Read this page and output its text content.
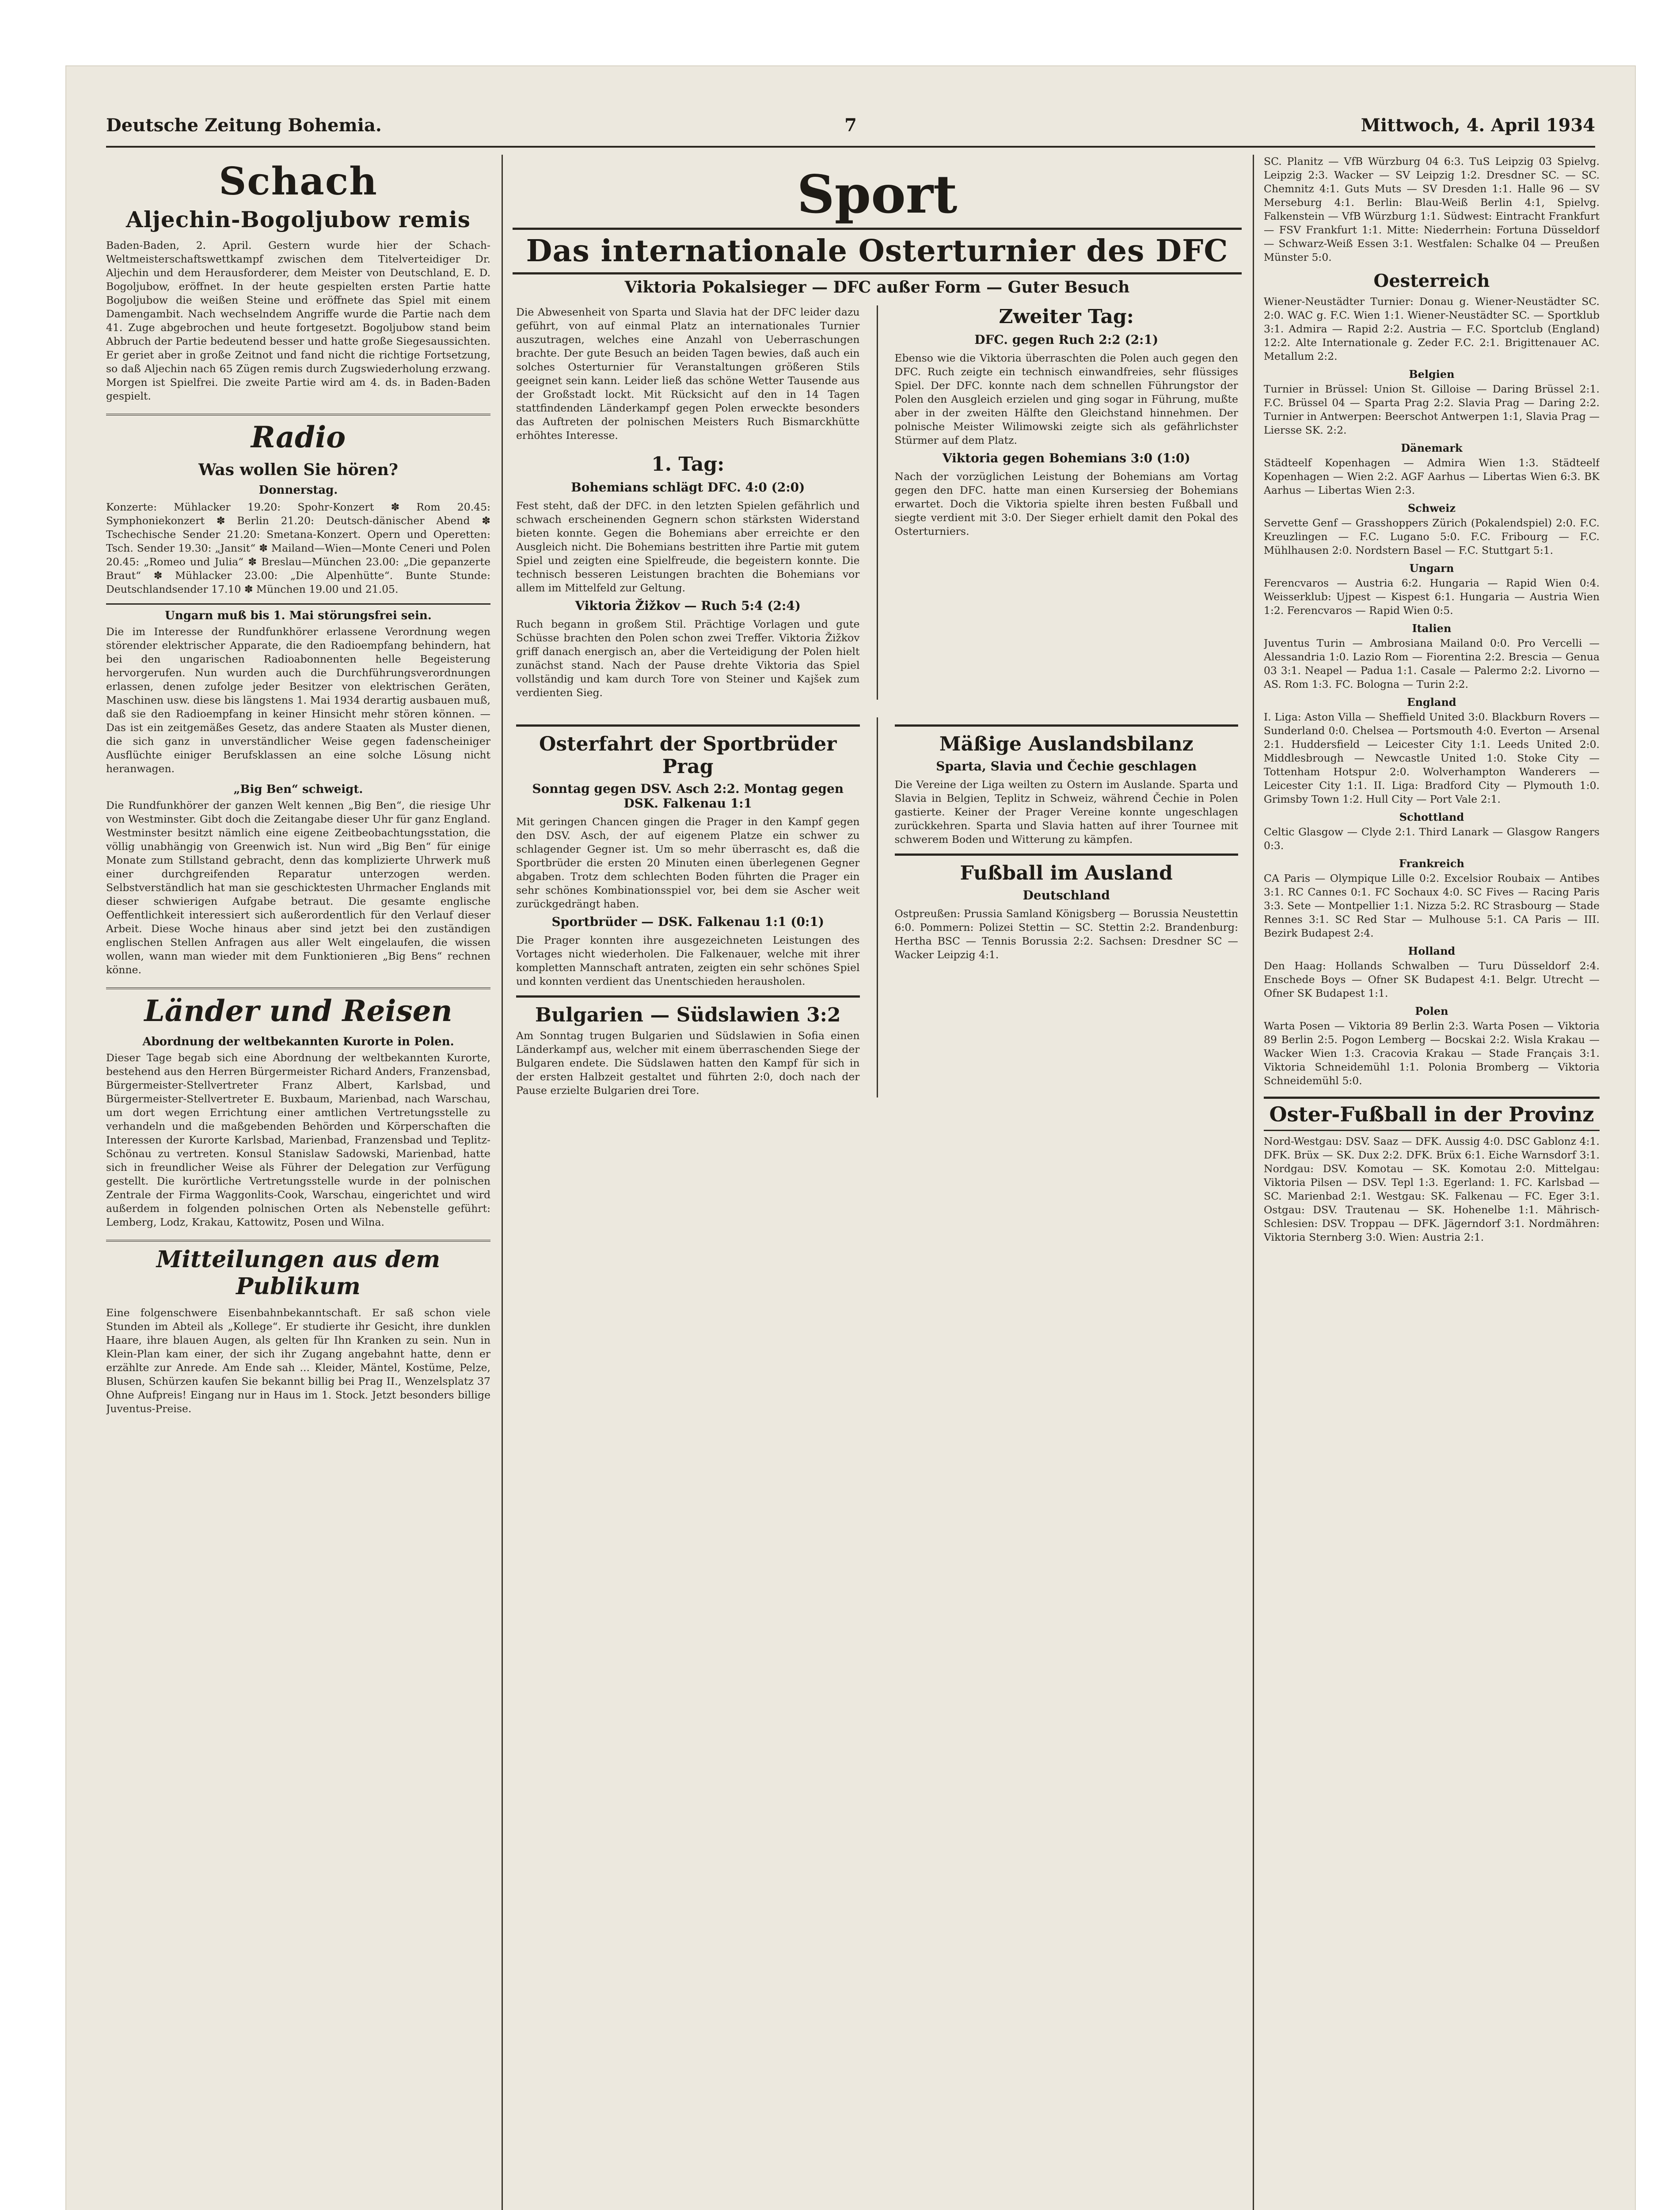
Deutsche Zeitung Bohemia.	7	Mittwoch, 4. April 1934
Schach
Aljechin-Bogoljubow remis

Baden-Baden, 2. April. Gestern wurde hier der Schach-Weltmeisterschaftswettkampf zwischen dem Titelverteidiger Dr. Aljechin und dem Herausforderer, dem Meister von Deutschland, E. D. Bogoljubow, eröffnet. In der heute gespielten ersten Partie hatte Bogoljubow die weißen Steine und eröffnete das Spiel mit einem Damengambit. Nach wechselndem Angriffe wurde die Partie nach dem 41. Zuge abgebrochen und heute fortgesetzt. Bogoljubow stand beim Abbruch der Partie bedeutend besser und hatte große Siegesaussichten. Er geriet aber in große Zeitnot und fand nicht die richtige Fortsetzung, so daß Aljechin nach 65 Zügen remis durch Zugswiederholung erzwang. Morgen ist Spielfrei. Die zweite Partie wird am 4. ds. in Baden-Baden gespielt.

Radio
Was wollen Sie hören?
Donnerstag.

Konzerte: Mühlacker 19.20: Spohr-Konzert ✽ Rom 20.45: Symphoniekonzert ✽ Berlin 21.20: Deutsch-dänischer Abend ✽ Tschechische Sender 21.20: Smetana-Konzert. Opern und Operetten: Tsch. Sender 19.30: „Jansit“ ✽ Mailand—Wien—Monte Ceneri und Polen 20.45: „Romeo und Julia“ ✽ Breslau—München 23.00: „Die gepanzerte Braut“ ✽ Mühlacker 23.00: „Die Alpenhütte“. Bunte Stunde: Deutschlandsender 17.10 ✽ München 19.00 und 21.05.

Ungarn muß bis 1. Mai störungsfrei sein.

Die im Interesse der Rundfunkhörer erlassene Verordnung wegen störender elektrischer Apparate, die den Radioempfang behindern, hat bei den ungarischen Radioabonnenten helle Begeisterung hervorgerufen. Nun wurden auch die Durchführungsverordnungen erlassen, denen zufolge jeder Besitzer von elektrischen Geräten, Maschinen usw. diese bis längstens 1. Mai 1934 derartig ausbauen muß, daß sie den Radioempfang in keiner Hinsicht mehr stören können. — Das ist ein zeitgemäßes Gesetz, das andere Staaten als Muster dienen, die sich ganz in unverständlicher Weise gegen fadenscheiniger Ausflüchte einiger Berufsklassen an eine solche Lösung nicht heranwagen.

„Big Ben“ schweigt.

Die Rundfunkhörer der ganzen Welt kennen „Big Ben“, die riesige Uhr von Westminster. Gibt doch die Zeitangabe dieser Uhr für ganz England. Westminster besitzt nämlich eine eigene Zeitbeobachtungsstation, die völlig unabhängig von Greenwich ist. Nun wird „Big Ben“ für einige Monate zum Stillstand gebracht, denn das komplizierte Uhrwerk muß einer durchgreifenden Reparatur unterzogen werden. Selbstverständlich hat man sie geschicktesten Uhrmacher Englands mit dieser schwierigen Aufgabe betraut. Die gesamte englische Oeffentlichkeit interessiert sich außerordentlich für den Verlauf dieser Arbeit. Diese Woche hinaus aber sind jetzt bei den zuständigen englischen Stellen Anfragen aus aller Welt eingelaufen, die wissen wollen, wann man wieder mit dem Funktionieren „Big Bens“ rechnen könne.

Länder und Reisen
Abordnung der weltbekannten Kurorte in Polen.

Dieser Tage begab sich eine Abordnung der weltbekannten Kurorte, bestehend aus den Herren Bürgermeister Richard Anders, Franzensbad, Bürgermeister-Stellvertreter Franz Albert, Karlsbad, und Bürgermeister-Stellvertreter E. Buxbaum, Marienbad, nach Warschau, um dort wegen Errichtung einer amtlichen Vertretungsstelle zu verhandeln und die maßgebenden Behörden und Körperschaften die Interessen der Kurorte Karlsbad, Marienbad, Franzensbad und Teplitz-Schönau zu vertreten. Konsul Stanislaw Sadowski, Marienbad, hatte sich in freundlicher Weise als Führer der Delegation zur Verfügung gestellt. Die kurörtliche Vertretungsstelle wurde in der polnischen Zentrale der Firma Waggonlits-Cook, Warschau, eingerichtet und wird außerdem in folgenden polnischen Orten als Nebenstelle geführt: Lemberg, Lodz, Krakau, Kattowitz, Posen und Wilna.

Mitteilungen aus dem Publikum

Eine folgenschwere Eisenbahnbekanntschaft. Er saß schon viele Stunden im Abteil als „Kollege“. Er studierte ihr Gesicht, ihre dunklen Haare, ihre blauen Augen, als gelten für Ihn Kranken zu sein. Nun in Klein-Plan kam einer, der sich ihr Zugang angebahnt hatte, denn er erzählte zur Anrede. Am Ende sah ... Kleider, Mäntel, Kostüme, Pelze, Blusen, Schürzen kaufen Sie bekannt billig bei Prag II., Wenzelsplatz 37 Ohne Aufpreis! Eingang nur in Haus im 1. Stock. Jetzt besonders billige Juventus-Preise.

Sport
Das internationale Osterturnier des DFC
Viktoria Pokalsieger — DFC außer Form — Guter Besuch

Die Abwesenheit von Sparta und Slavia hat der DFC leider dazu geführt, von auf einmal Platz an internationales Turnier auszutragen, welches eine Anzahl von Ueberraschungen brachte. Der gute Besuch an beiden Tagen bewies, daß auch ein solches Osterturnier für Veranstaltungen größeren Stils geeignet sein kann. Leider ließ das schöne Wetter Tausende aus der Großstadt lockt. Mit Rücksicht auf den in 14 Tagen stattfindenden Länderkampf gegen Polen erweckte besonders das Auftreten der polnischen Meisters Ruch Bismarckhütte erhöhtes Interesse.

1. Tag:
Bohemians schlägt DFC. 4:0 (2:0)

Fest steht, daß der DFC. in den letzten Spielen gefährlich und schwach erscheinenden Gegnern schon stärksten Widerstand bieten konnte. Gegen die Bohemians aber erreichte er den Ausgleich nicht. Die Bohemians bestritten ihre Partie mit gutem Spiel und zeigten eine Spielfreude, die begeistern konnte. Die technisch besseren Leistungen brachten die Bohemians vor allem im Mittelfeld zur Geltung.

Viktoria Žižkov — Ruch 5:4 (2:4)

Ruch begann in großem Stil. Prächtige Vorlagen und gute Schüsse brachten den Polen schon zwei Treffer. Viktoria Žižkov griff danach energisch an, aber die Verteidigung der Polen hielt zunächst stand. Nach der Pause drehte Viktoria das Spiel vollständig und kam durch Tore von Steiner und Kajšek zum verdienten Sieg.

Zweiter Tag:
DFC. gegen Ruch 2:2 (2:1)

Ebenso wie die Viktoria überraschten die Polen auch gegen den DFC. Ruch zeigte ein technisch einwandfreies, sehr flüssiges Spiel. Der DFC. konnte nach dem schnellen Führungstor der Polen den Ausgleich erzielen und ging sogar in Führung, mußte aber in der zweiten Hälfte den Gleichstand hinnehmen. Der polnische Meister Wilimowski zeigte sich als gefährlichster Stürmer auf dem Platz.

Viktoria gegen Bohemians 3:0 (1:0)

Nach der vorzüglichen Leistung der Bohemians am Vortag gegen den DFC. hatte man einen Kursersieg der Bohemians erwartet. Doch die Viktoria spielte ihren besten Fußball und siegte verdient mit 3:0. Der Sieger erhielt damit den Pokal des Osterturniers.

Osterfahrt der Sportbrüder Prag
Sonntag gegen DSV. Asch 2:2. Montag gegen DSK. Falkenau 1:1

Mit geringen Chancen gingen die Prager in den Kampf gegen den DSV. Asch, der auf eigenem Platze ein schwer zu schlagender Gegner ist. Um so mehr überrascht es, daß die Sportbrüder die ersten 20 Minuten einen überlegenen Gegner abgaben. Trotz dem schlechten Boden führten die Prager ein sehr schönes Kombinationsspiel vor, bei dem sie Ascher weit zurückgedrängt haben.

Sportbrüder — DSK. Falkenau 1:1 (0:1)

Die Prager konnten ihre ausgezeichneten Leistungen des Vortages nicht wiederholen. Die Falkenauer, welche mit ihrer kompletten Mannschaft antraten, zeigten ein sehr schönes Spiel und konnten verdient das Unentschieden herausholen.

Bulgarien — Südslawien 3:2

Am Sonntag trugen Bulgarien und Südslawien in Sofia einen Länderkampf aus, welcher mit einem überraschenden Siege der Bulgaren endete. Die Südslawen hatten den Kampf für sich in der ersten Halbzeit gestaltet und führten 2:0, doch nach der Pause erzielte Bulgarien drei Tore.

Mäßige Auslandsbilanz
Sparta, Slavia und Čechie geschlagen

Die Vereine der Liga weilten zu Ostern im Auslande. Sparta und Slavia in Belgien, Teplitz in Schweiz, während Čechie in Polen gastierte. Keiner der Prager Vereine konnte ungeschlagen zurückkehren. Sparta und Slavia hatten auf ihrer Tournee mit schwerem Boden und Witterung zu kämpfen.

Fußball im Ausland
Deutschland

Ostpreußen: Prussia Samland Königsberg — Borussia Neustettin 6:0. Pommern: Polizei Stettin — SC. Stettin 2:2. Brandenburg: Hertha BSC — Tennis Borussia 2:2. Sachsen: Dresdner SC — Wacker Leipzig 4:1.

SC. Planitz — VfB Würzburg 04 6:3. TuS Leipzig 03 Spielvg. Leipzig 2:3. Wacker — SV Leipzig 1:2. Dresdner SC. — SC. Chemnitz 4:1. Guts Muts — SV Dresden 1:1. Halle 96 — SV Merseburg 4:1. Berlin: Blau-Weiß Berlin 4:1, Spielvg. Falkenstein — VfB Würzburg 1:1. Südwest: Eintracht Frankfurt — FSV Frankfurt 1:1. Mitte: Niederrhein: Fortuna Düsseldorf — Schwarz-Weiß Essen 3:1. Westfalen: Schalke 04 — Preußen Münster 5:0.

Oesterreich

Wiener-Neustädter Turnier: Donau g. Wiener-Neustädter SC. 2:0. WAC g. F.C. Wien 1:1. Wiener-Neustädter SC. — Sportklub 3:1. Admira — Rapid 2:2. Austria — F.C. Sportclub (England) 12:2. Alte Internationale g. Zeder F.C. 2:1. Brigittenauer AC. Metallum 2:2.

Belgien

Turnier in Brüssel: Union St. Gilloise — Daring Brüssel 2:1. F.C. Brüssel 04 — Sparta Prag 2:2. Slavia Prag — Daring 2:2. Turnier in Antwerpen: Beerschot Antwerpen 1:1, Slavia Prag — Liersse SK. 2:2.

Dänemark

Städteelf Kopenhagen — Admira Wien 1:3. Städteelf Kopenhagen — Wien 2:2. AGF Aarhus — Libertas Wien 6:3. BK Aarhus — Libertas Wien 2:3.

Schweiz

Servette Genf — Grasshoppers Zürich (Pokalendspiel) 2:0. F.C. Kreuzlingen — F.C. Lugano 5:0. F.C. Fribourg — F.C. Mühlhausen 2:0. Nordstern Basel — F.C. Stuttgart 5:1.

Ungarn

Ferencvaros — Austria 6:2. Hungaria — Rapid Wien 0:4. Weisserklub: Ujpest — Kispest 6:1. Hungaria — Austria Wien 1:2. Ferencvaros — Rapid Wien 0:5.

Italien

Juventus Turin — Ambrosiana Mailand 0:0. Pro Vercelli — Alessandria 1:0. Lazio Rom — Fiorentina 2:2. Brescia — Genua 03 3:1. Neapel — Padua 1:1. Casale — Palermo 2:2. Livorno — AS. Rom 1:3. FC. Bologna — Turin 2:2.

England

I. Liga: Aston Villa — Sheffield United 3:0. Blackburn Rovers — Sunderland 0:0. Chelsea — Portsmouth 4:0. Everton — Arsenal 2:1. Huddersfield — Leicester City 1:1. Leeds United 2:0. Middlesbrough — Newcastle United 1:0. Stoke City — Tottenham Hotspur 2:0. Wolverhampton Wanderers — Leicester City 1:1. II. Liga: Bradford City — Plymouth 1:0. Grimsby Town 1:2. Hull City — Port Vale 2:1.

Schottland

Celtic Glasgow — Clyde 2:1. Third Lanark — Glasgow Rangers 0:3.

Frankreich

CA Paris — Olympique Lille 0:2. Excelsior Roubaix — Antibes 3:1. RC Cannes 0:1. FC Sochaux 4:0. SC Fives — Racing Paris 3:3. Sete — Montpellier 1:1. Nizza 5:2. RC Strasbourg — Stade Rennes 3:1. SC Red Star — Mulhouse 5:1. CA Paris — III. Bezirk Budapest 2:4.

Holland

Den Haag: Hollands Schwalben — Turu Düsseldorf 2:4. Enschede Boys — Ofner SK Budapest 4:1. Belgr. Utrecht — Ofner SK Budapest 1:1.

Polen

Warta Posen — Viktoria 89 Berlin 2:3. Warta Posen — Viktoria 89 Berlin 2:5. Pogon Lemberg — Bocskai 2:2. Wisla Krakau — Wacker Wien 1:3. Cracovia Krakau — Stade Français 3:1. Viktoria Schneidemühl 1:1. Polonia Bromberg — Viktoria Schneidemühl 5:0.

Oster-Fußball in der Provinz

Nord-Westgau: DSV. Saaz — DFK. Aussig 4:0. DSC Gablonz 4:1. DFK. Brüx — SK. Dux 2:2. DFK. Brüx 6:1. Eiche Warnsdorf 3:1. Nordgau: DSV. Komotau — SK. Komotau 2:0. Mittelgau: Viktoria Pilsen — DSV. Tepl 1:3. Egerland: 1. FC. Karlsbad — SC. Marienbad 2:1. Westgau: SK. Falkenau — FC. Eger 3:1. Ostgau: DSV. Trautenau — SK. Hohenelbe 1:1. Mährisch-Schlesien: DSV. Troppau — DFK. Jägerndorf 3:1. Nordmähren: Viktoria Sternberg 3:0. Wien: Austria 2:1.
